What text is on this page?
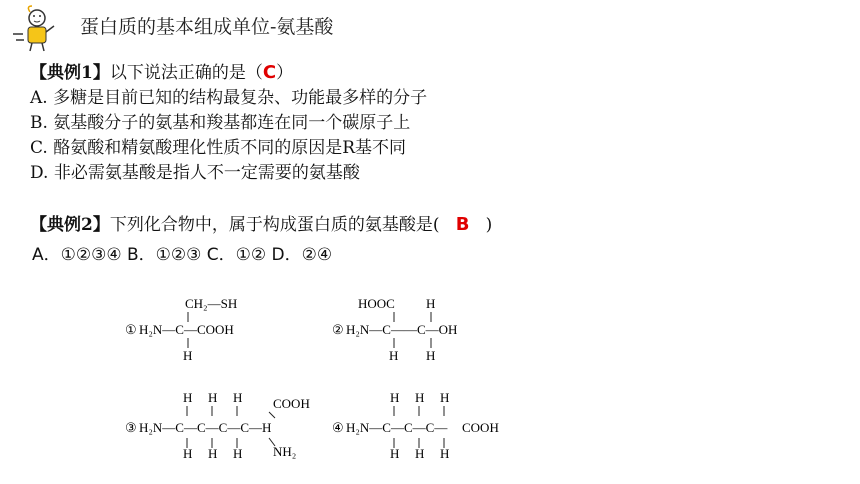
蛋白质的基本组成单位-氨基酸
【典例1】以下说法正确的是（C）
A. 多糖是目前已知的结构最复杂、功能最多样的分子
B. 氨基酸分子的氨基和羧基都连在同一个碳原子上
C. 酪氨酸和精氨酸理化性质不同的原因是R基不同
D. 非必需氨基酸是指人不一定需要的氨基酸
【典例2】下列化合物中，属于构成蛋白质的氨基酸是( B )
A．①②③④ B．①②③ C．①② D．②④
CH₂—SH
① H₂N—C—COOH
H
HOOC H
② H₂N—C——C—OH
H H
③ H₂N—C—C—C—C—H
H
H
H
H
H
H
COOH
NH₂
④ H₂N—C—C—C— COOH
H
H
H
H
H
H
